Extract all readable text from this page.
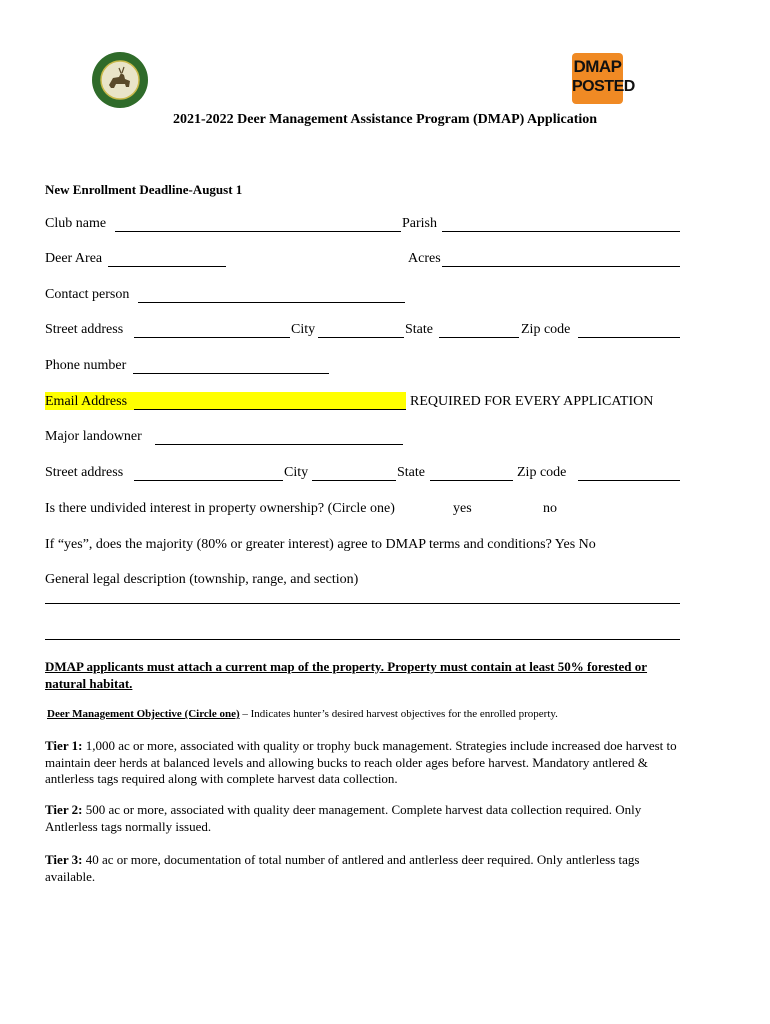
DMAP
POSTED
2021-2022 Deer Management Assistance Program (DMAP) Application
New Enrollment Deadline-August 1
Club name	Parish
Deer Area	Acres
Contact person
Street address	City	State	Zip code
Phone number
Email Address	REQUIRED FOR EVERY APPLICATION
Major landowner
Street address	City	State	Zip code
Is there undivided interest in property ownership? (Circle one)	yes	no
If “yes”, does the majority (80% or greater interest) agree to DMAP terms and conditions? Yes No
General legal description (township, range, and section)
DMAP applicants must attach a current map of the property. Property must contain at least 50% forested or natural habitat.
Deer Management Objective (Circle one) – Indicates hunter’s desired harvest objectives for the enrolled property.
Tier 1: 1,000 ac or more, associated with quality or trophy buck management. Strategies include increased doe harvest to maintain deer herds at balanced levels and allowing bucks to reach older ages before harvest. Mandatory antlered & antlerless tags required along with complete harvest data collection.
Tier 2: 500 ac or more, associated with quality deer management. Complete harvest data collection required. Only Antlerless tags normally issued.
Tier 3: 40 ac or more, documentation of total number of antlered and antlerless deer required. Only antlerless tags available.
